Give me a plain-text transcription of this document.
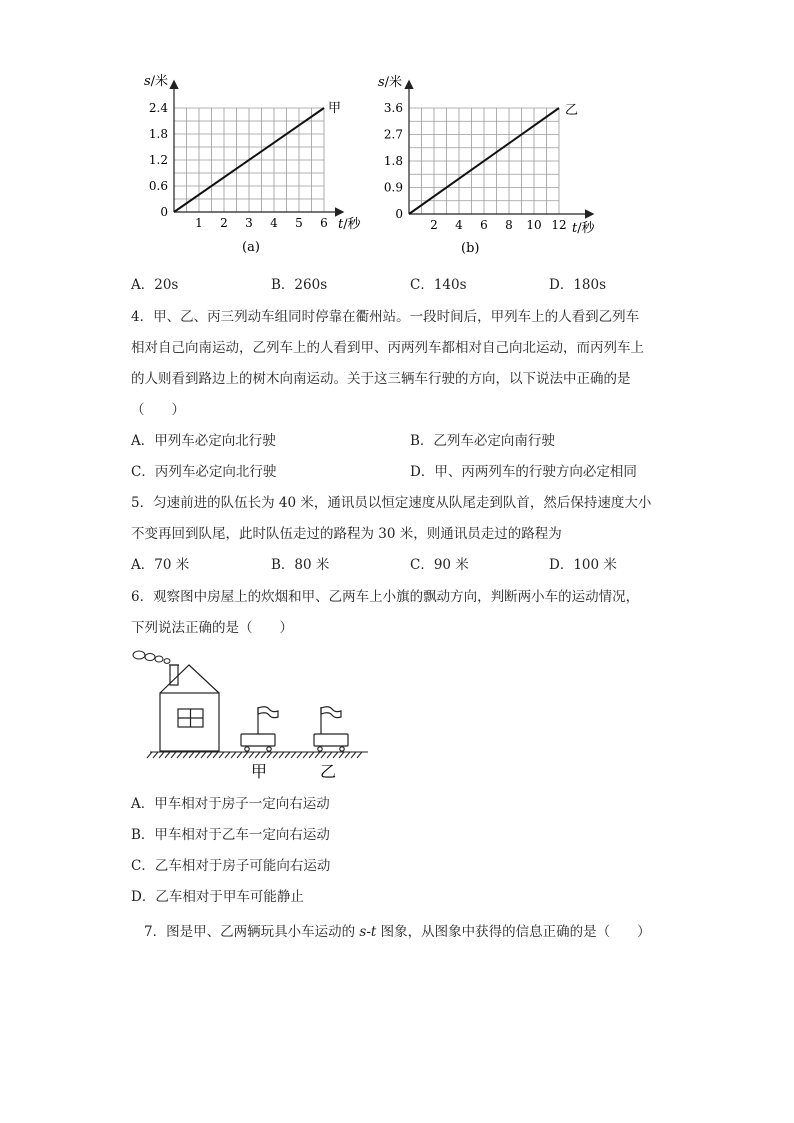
1 2 3 4 5 6
0
0.6
1.2
1.8
2.4	甲
s/米
t/秒
(a)
2 4 6 8 10 12
0
0.9
1.8
2.7
3.6	乙
s/米
t/秒
(b)
A．20s	B．260s	C．140s	D．180s
4．甲、乙、丙三列动车组同时停靠在衢州站。一段时间后，甲列车上的人看到乙列车
相对自己向南运动，乙列车上的人看到甲、丙两列车都相对自己向北运动，而丙列车上
的人则看到路边上的树木向南运动。关于这三辆车行驶的方向，以下说法中正确的是
（　　）
A．甲列车必定向北行驶	B．乙列车必定向南行驶
C．丙列车必定向北行驶	D．甲、丙两列车的行驶方向必定相同
5．匀速前进的队伍长为 40 米，通讯员以恒定速度从队尾走到队首，然后保持速度大小
不变再回到队尾，此时队伍走过的路程为 30 米，则通讯员走过的路程为
A．70 米	B．80 米	C．90 米	D．100 米
6．观察图中房屋上的炊烟和甲、乙两车上小旗的飘动方向，判断两小车的运动情况，
下列说法正确的是（　　）
甲	乙
A．甲车相对于房子一定向右运动
B．甲车相对于乙车一定向右运动
C．乙车相对于房子可能向右运动
D．乙车相对于甲车可能静止
7．图是甲、乙两辆玩具小车运动的 s-t 图象，从图象中获得的信息正确的是（　　）
